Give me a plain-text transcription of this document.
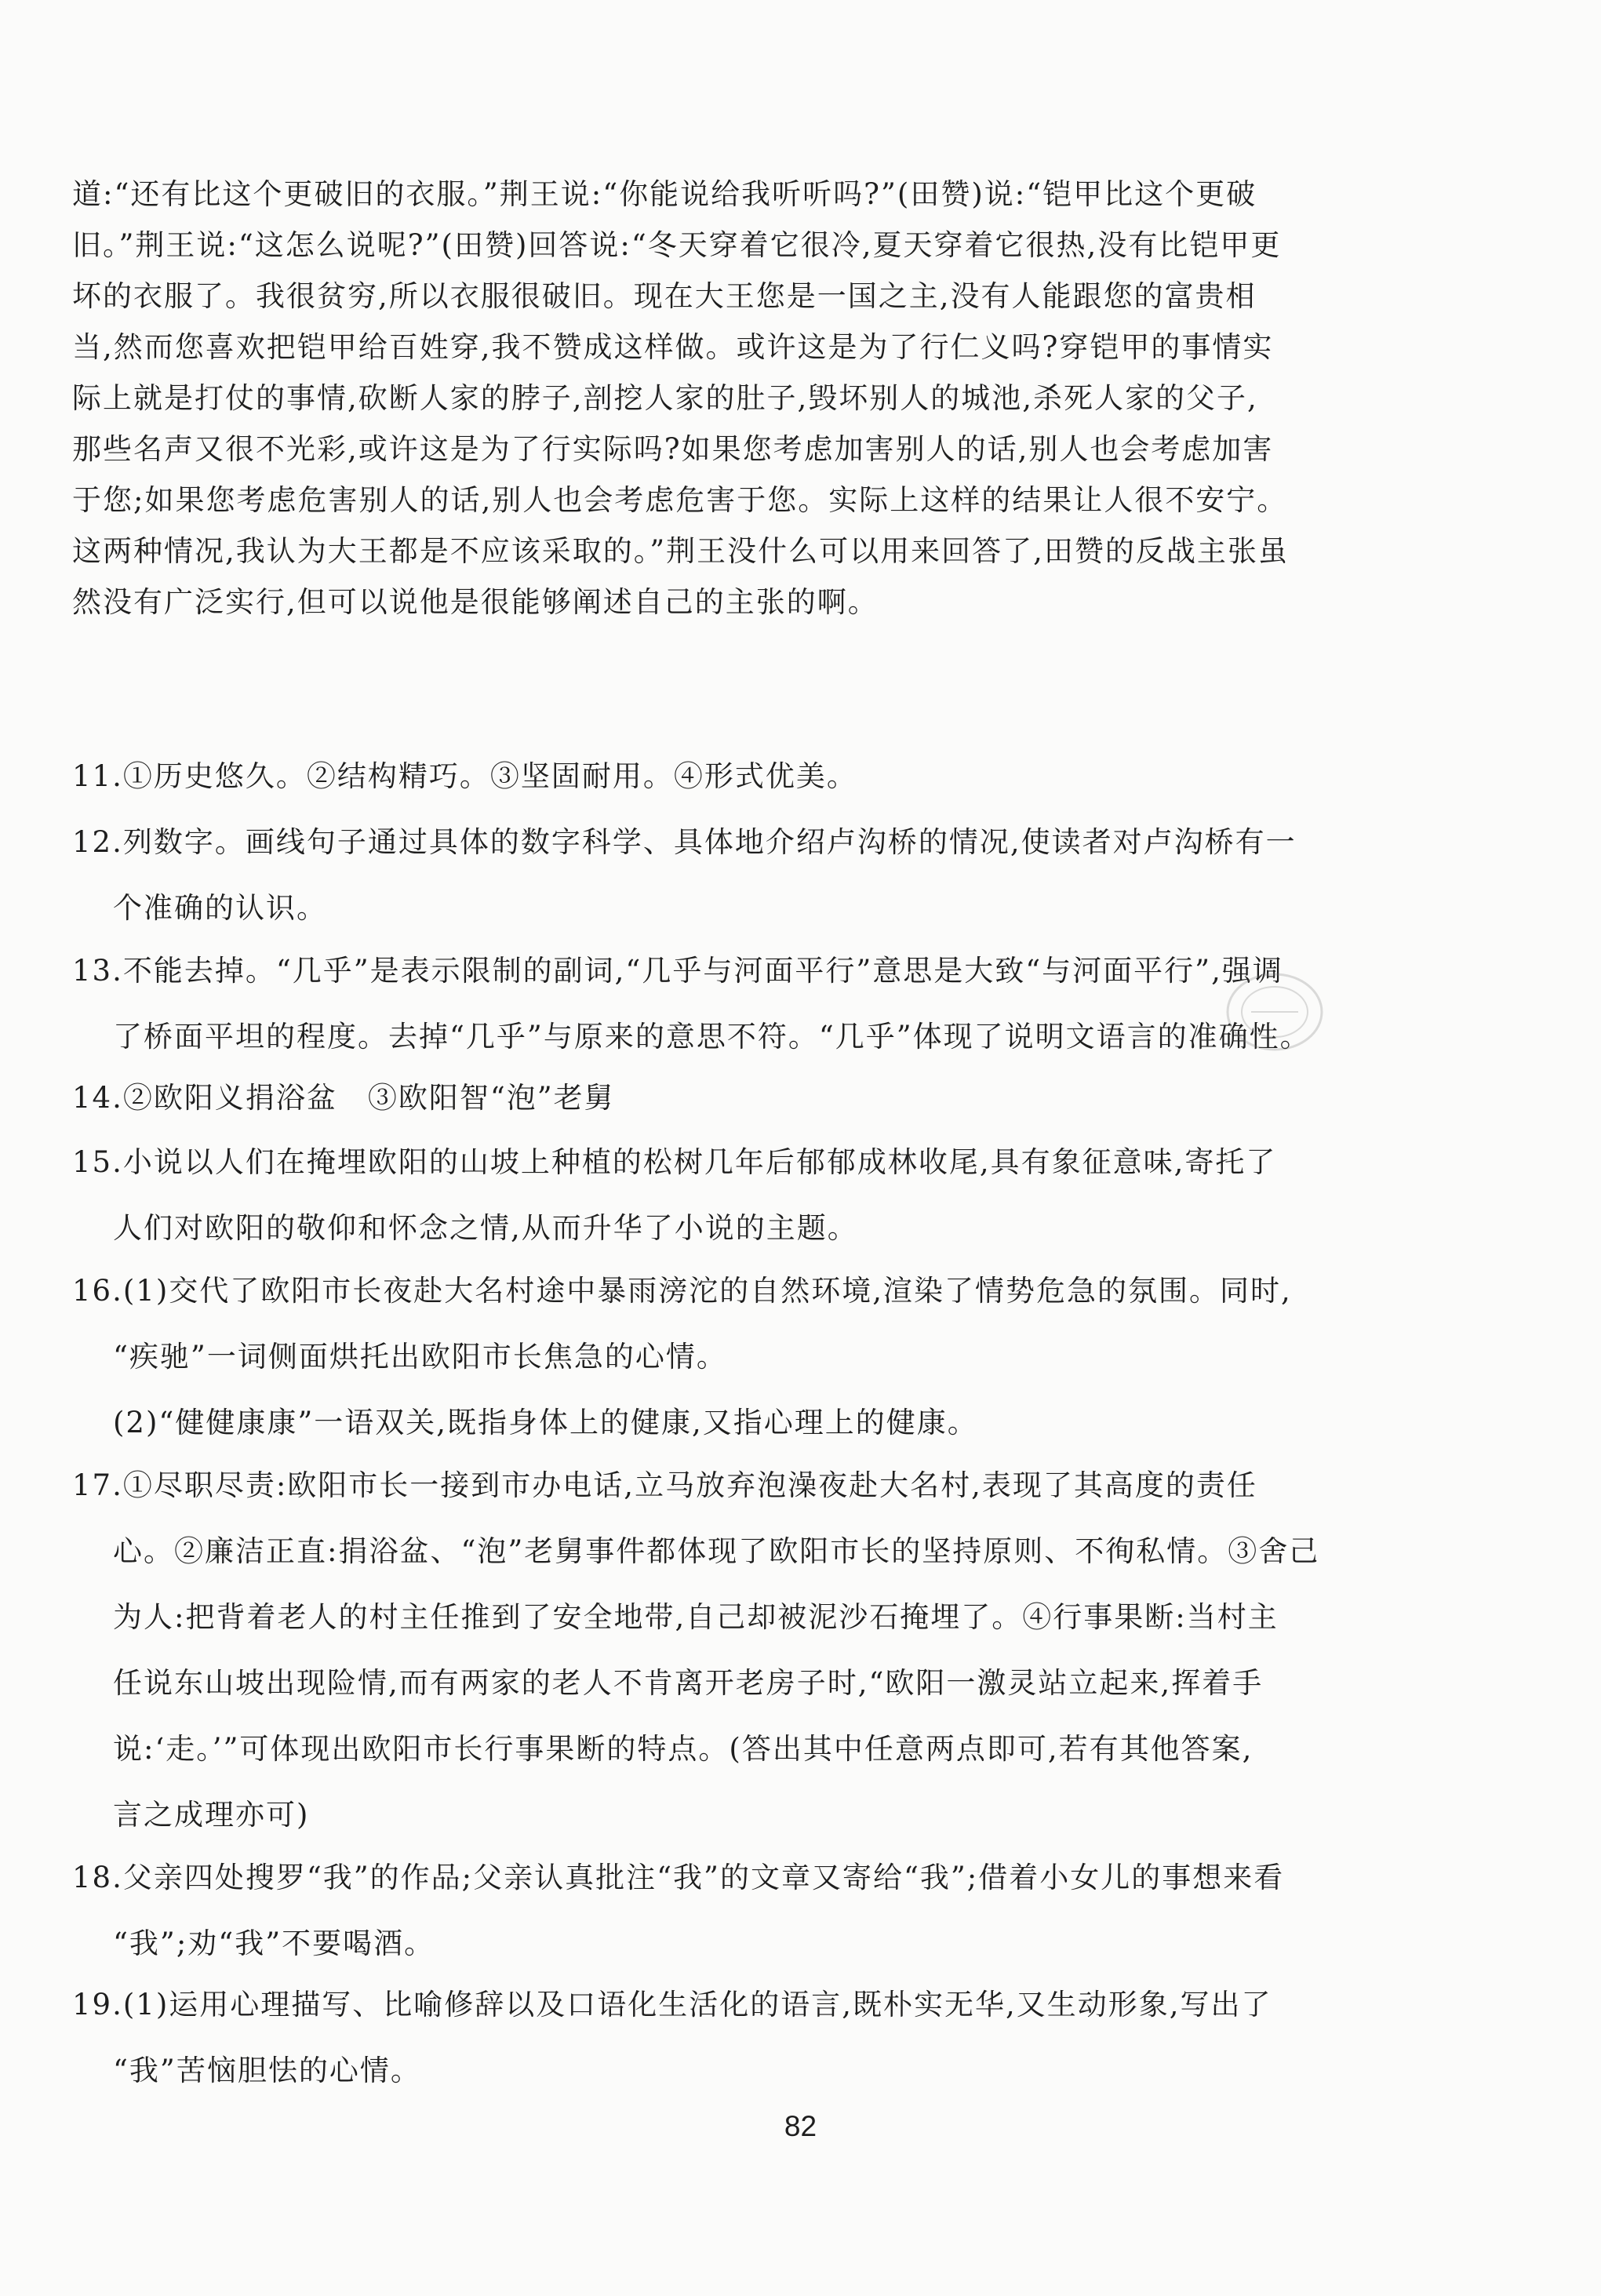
道:“还有比这个更破旧的衣服。”荆王说:“你能说给我听听吗?”(田赞)说:“铠甲比这个更破
旧。”荆王说:“这怎么说呢?”(田赞)回答说:“冬天穿着它很冷,夏天穿着它很热,没有比铠甲更
坏的衣服了。我很贫穷,所以衣服很破旧。现在大王您是一国之主,没有人能跟您的富贵相
当,然而您喜欢把铠甲给百姓穿,我不赞成这样做。或许这是为了行仁义吗?穿铠甲的事情实
际上就是打仗的事情,砍断人家的脖子,剖挖人家的肚子,毁坏别人的城池,杀死人家的父子,
那些名声又很不光彩,或许这是为了行实际吗?如果您考虑加害别人的话,别人也会考虑加害
于您;如果您考虑危害别人的话,别人也会考虑危害于您。实际上这样的结果让人很不安宁。
这两种情况,我认为大王都是不应该采取的。”荆王没什么可以用来回答了,田赞的反战主张虽
然没有广泛实行,但可以说他是很能够阐述自己的主张的啊。
11.①历史悠久。②结构精巧。③坚固耐用。④形式优美。
12.列数字。画线句子通过具体的数字科学、具体地介绍卢沟桥的情况,使读者对卢沟桥有一
个准确的认识。
13.不能去掉。“几乎”是表示限制的副词,“几乎与河面平行”意思是大致“与河面平行”,强调
了桥面平坦的程度。去掉“几乎”与原来的意思不符。“几乎”体现了说明文语言的准确性。
14.②欧阳义捐浴盆　③欧阳智“泡”老舅
15.小说以人们在掩埋欧阳的山坡上种植的松树几年后郁郁成林收尾,具有象征意味,寄托了
人们对欧阳的敬仰和怀念之情,从而升华了小说的主题。
16.(1)交代了欧阳市长夜赴大名村途中暴雨滂沱的自然环境,渲染了情势危急的氛围。同时,
“疾驰”一词侧面烘托出欧阳市长焦急的心情。
(2)“健健康康”一语双关,既指身体上的健康,又指心理上的健康。
17.①尽职尽责:欧阳市长一接到市办电话,立马放弃泡澡夜赴大名村,表现了其高度的责任
心。②廉洁正直:捐浴盆、“泡”老舅事件都体现了欧阳市长的坚持原则、不徇私情。③舍己
为人:把背着老人的村主任推到了安全地带,自己却被泥沙石掩埋了。④行事果断:当村主
任说东山坡出现险情,而有两家的老人不肯离开老房子时,“欧阳一激灵站立起来,挥着手
说:‘走。’”可体现出欧阳市长行事果断的特点。(答出其中任意两点即可,若有其他答案,
言之成理亦可)
18.父亲四处搜罗“我”的作品;父亲认真批注“我”的文章又寄给“我”;借着小女儿的事想来看
“我”;劝“我”不要喝酒。
19.(1)运用心理描写、比喻修辞以及口语化生活化的语言,既朴实无华,又生动形象,写出了
“我”苦恼胆怯的心情。
82
